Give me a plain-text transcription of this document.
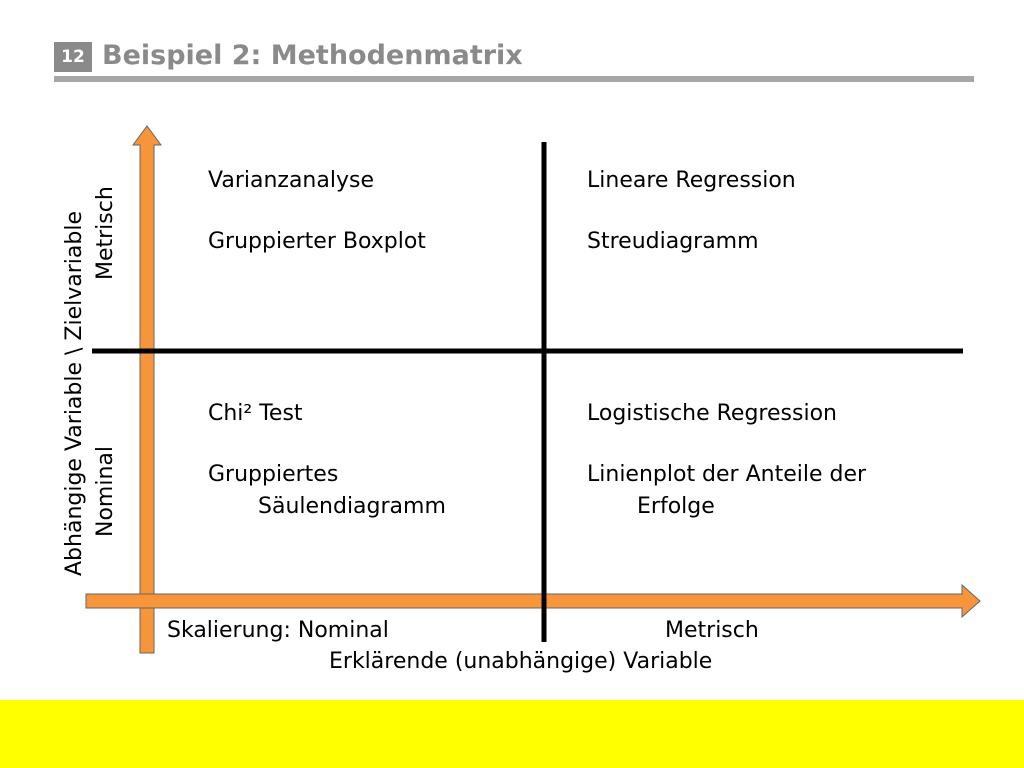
12 Beispiel 2: Methodenmatrix
Varianzanalyse
Gruppierter Boxplot
Lineare Regression
Streudiagramm
Chi² Test
Gruppiertes
Säulendiagramm
Logistische Regression
Linienplot der Anteile der
Erfolge
Skalierung: Nominal	Metrisch
Erklärende (unabhängige) Variable
Abhängige Variable \ Zielvariable Metrisch
Nominal
